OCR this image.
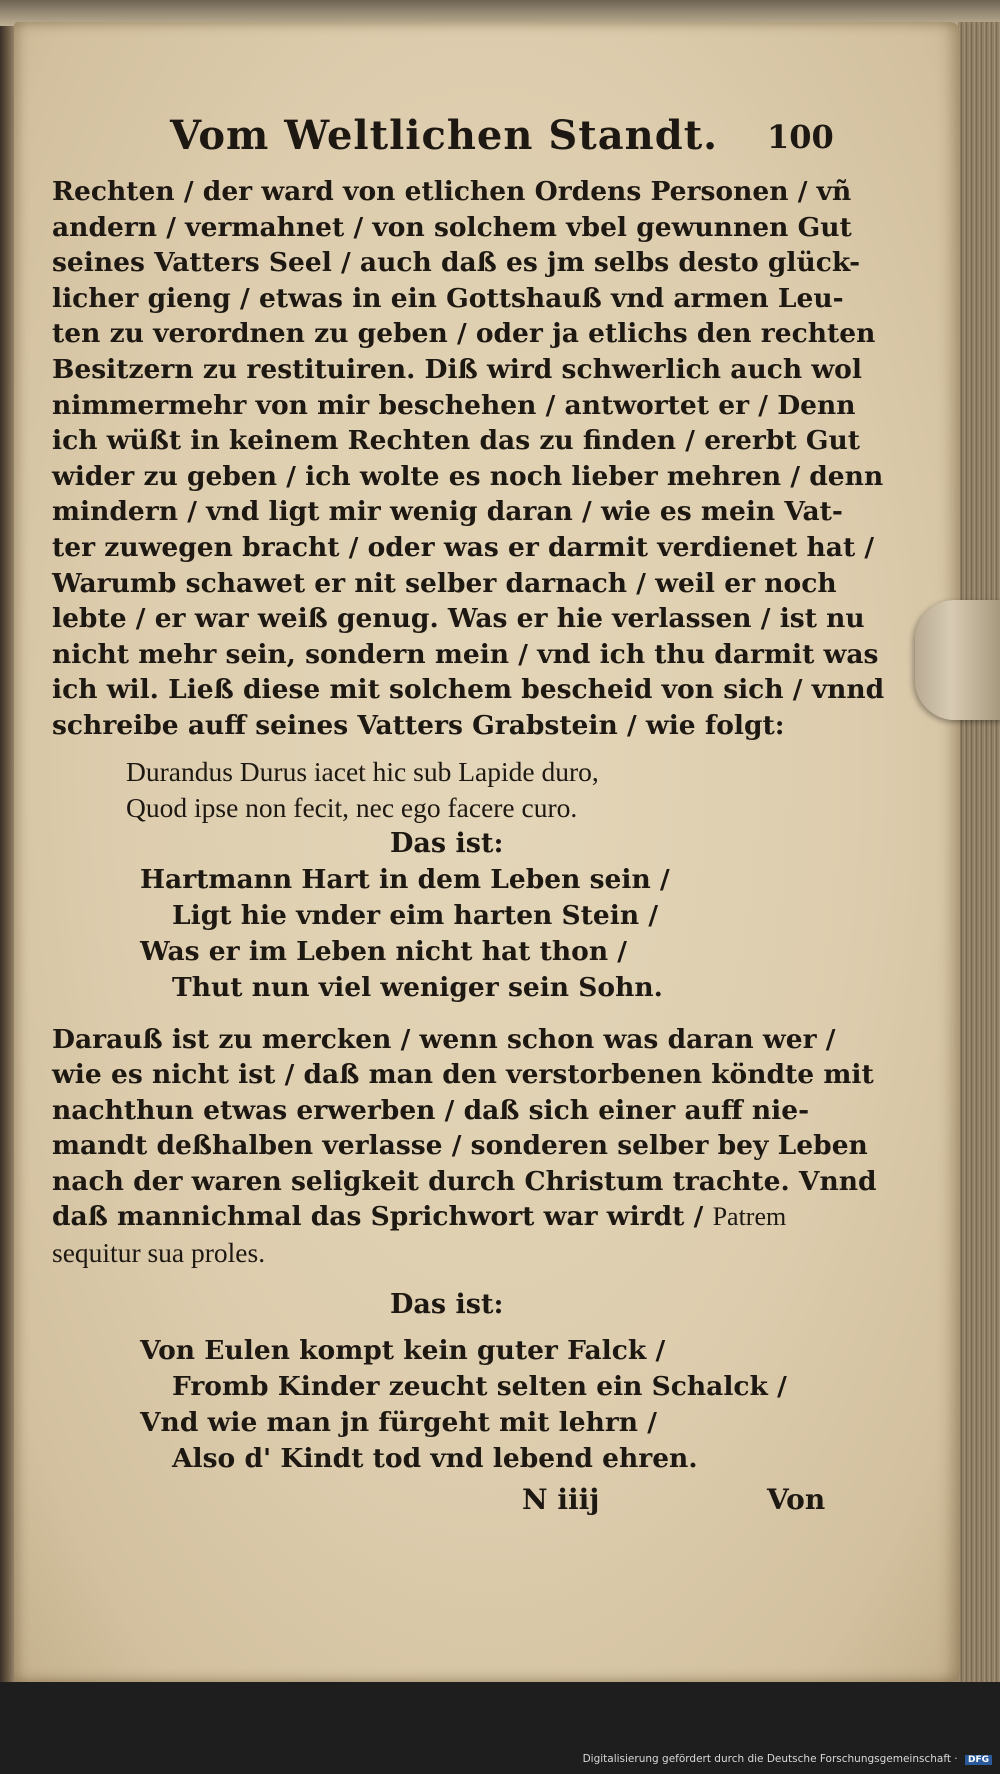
Vom Weltlichen Standt. 100

Rechten / der ward von etlichen Ordens Personen / vñ

andern / vermahnet / von solchem vbel gewunnen Gut

seines Vatters Seel / auch daß es jm selbs desto glück-

licher gieng / etwas in ein Gottshauß vnd armen Leu-

ten zu verordnen zu geben / oder ja etlichs den rechten

Besitzern zu restituiren. Diß wird schwerlich auch wol

nimmermehr von mir beschehen / antwortet er / Denn

ich wüßt in keinem Rechten das zu finden / ererbt Gut

wider zu geben / ich wolte es noch lieber mehren / denn

mindern / vnd ligt mir wenig daran / wie es mein Vat-

ter zuwegen bracht / oder was er darmit verdienet hat /

Warumb schawet er nit selber darnach / weil er noch

lebte / er war weiß genug. Was er hie verlassen / ist nu

nicht mehr sein, sondern mein / vnd ich thu darmit was

ich wil. Ließ diese mit solchem bescheid von sich / vnnd

schreibe auff seines Vatters Grabstein / wie folgt:

Durandus Durus iacet hic sub Lapide duro,

Quod ipse non fecit, nec ego facere curo.

Das ist:

Hartmann Hart in dem Leben sein /

Ligt hie vnder eim harten Stein /

Was er im Leben nicht hat thon /

Thut nun viel weniger sein Sohn.

Darauß ist zu mercken / wenn schon was daran wer /

wie es nicht ist / daß man den verstorbenen köndte mit

nachthun etwas erwerben / daß sich einer auff nie-

mandt deßhalben verlasse / sonderen selber bey Leben

nach der waren seligkeit durch Christum trachte. Vnnd

daß mannichmal das Sprichwort war wirdt / Patrem

sequitur sua proles.

Das ist:

Von Eulen kompt kein guter Falck /

Fromb Kinder zeucht selten ein Schalck /

Vnd wie man jn fürgeht mit lehrn /

Also d' Kindt tod vnd lebend ehren.

N iiij	Von
Digitalisierung gefördert durch die Deutsche Forschungsgemeinschaft · DFG
